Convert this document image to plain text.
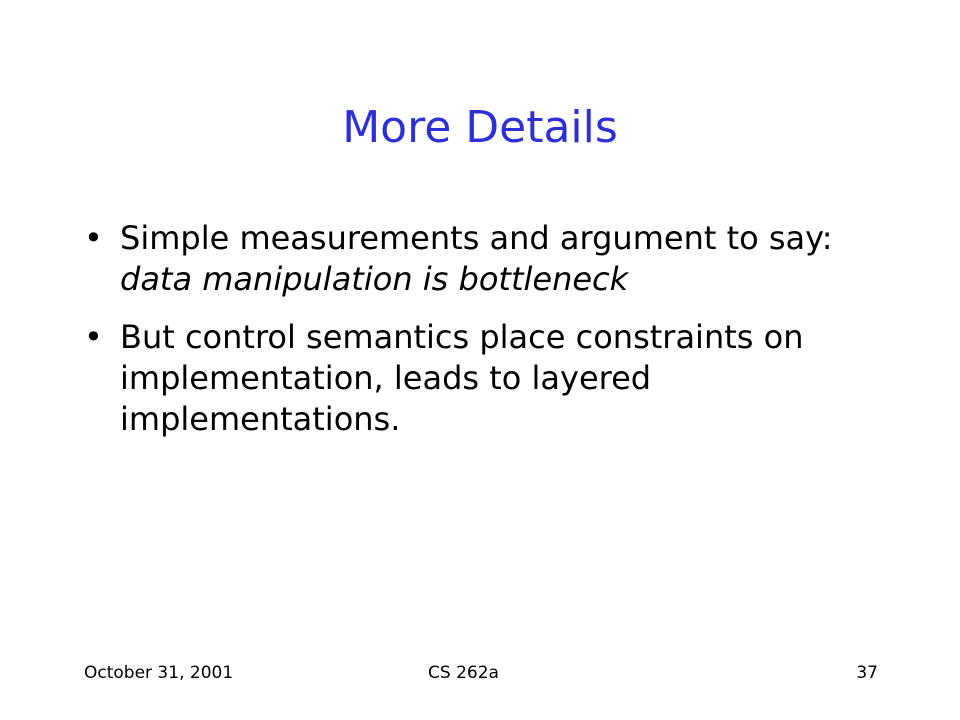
More Details
• Simple measurements and argument to say: data manipulation is bottleneck
• But control semantics place constraints on implementation, leads to layered implementations.
October 31, 2001	CS 262a	37
